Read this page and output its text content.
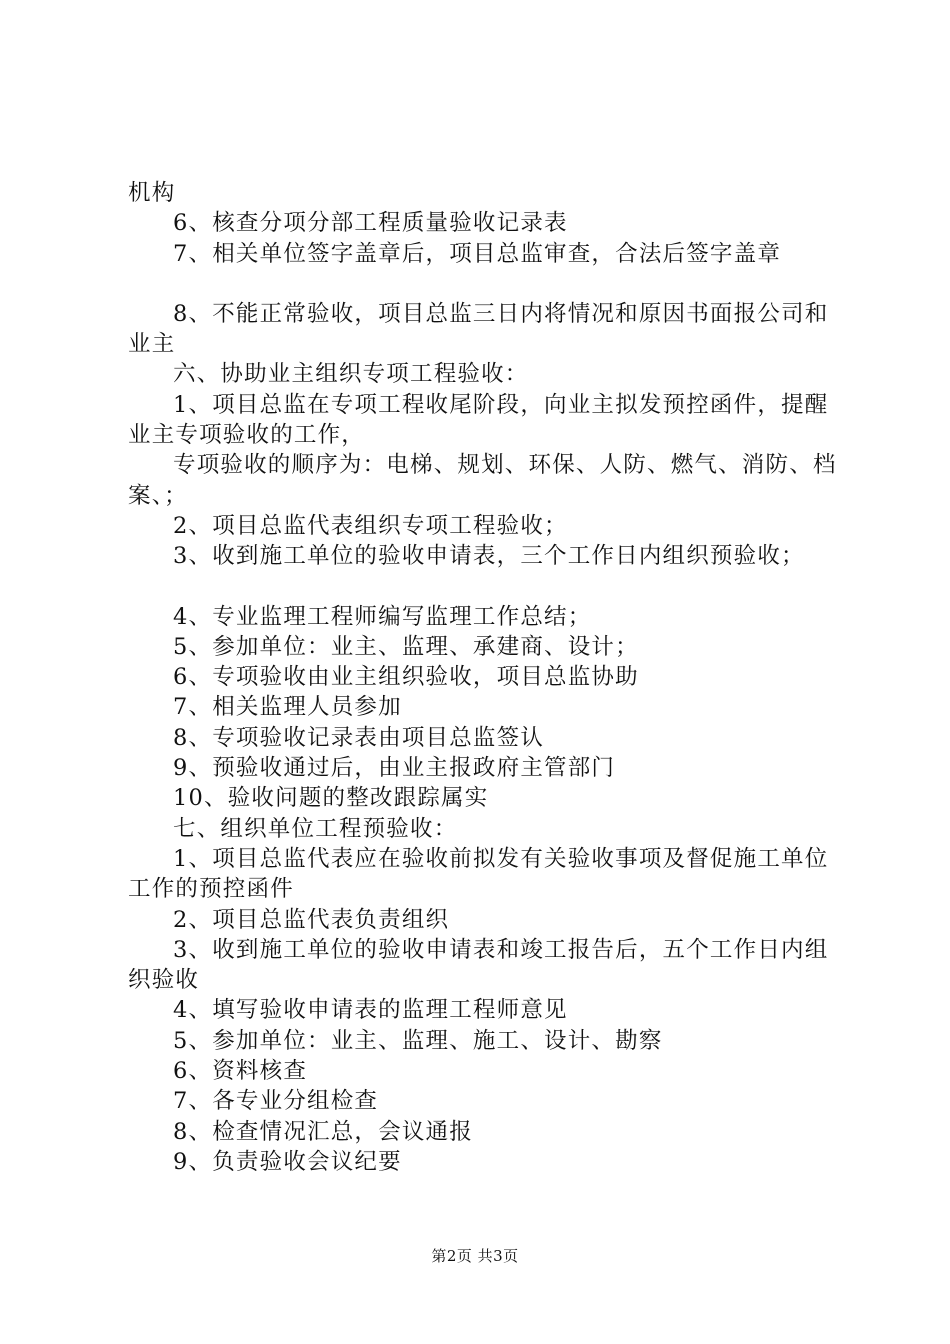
机构

6、核查分项分部工程质量验收记录表

7、相关单位签字盖章后，项目总监审查，合法后签字盖章

8、不能正常验收，项目总监三日内将情况和原因书面报公司和业主

六、协助业主组织专项工程验收：

1、项目总监在专项工程收尾阶段，向业主拟发预控函件，提醒业主专项验收的工作，

专项验收的顺序为：电梯、规划、环保、人防、燃气、消防、档案、；

2、项目总监代表组织专项工程验收；

3、收到施工单位的验收申请表，三个工作日内组织预验收；

4、专业监理工程师编写监理工作总结；

5、参加单位：业主、监理、承建商、设计；

6、专项验收由业主组织验收，项目总监协助

7、相关监理人员参加

8、专项验收记录表由项目总监签认

9、预验收通过后，由业主报政府主管部门

10、验收问题的整改跟踪属实

七、组织单位工程预验收：

1、项目总监代表应在验收前拟发有关验收事项及督促施工单位工作的预控函件

2、项目总监代表负责组织

3、收到施工单位的验收申请表和竣工报告后，五个工作日内组织验收

4、填写验收申请表的监理工程师意见

5、参加单位：业主、监理、施工、设计、勘察

6、资料核查

7、各专业分组检查

8、检查情况汇总，会议通报

9、负责验收会议纪要

第2页 共3页
